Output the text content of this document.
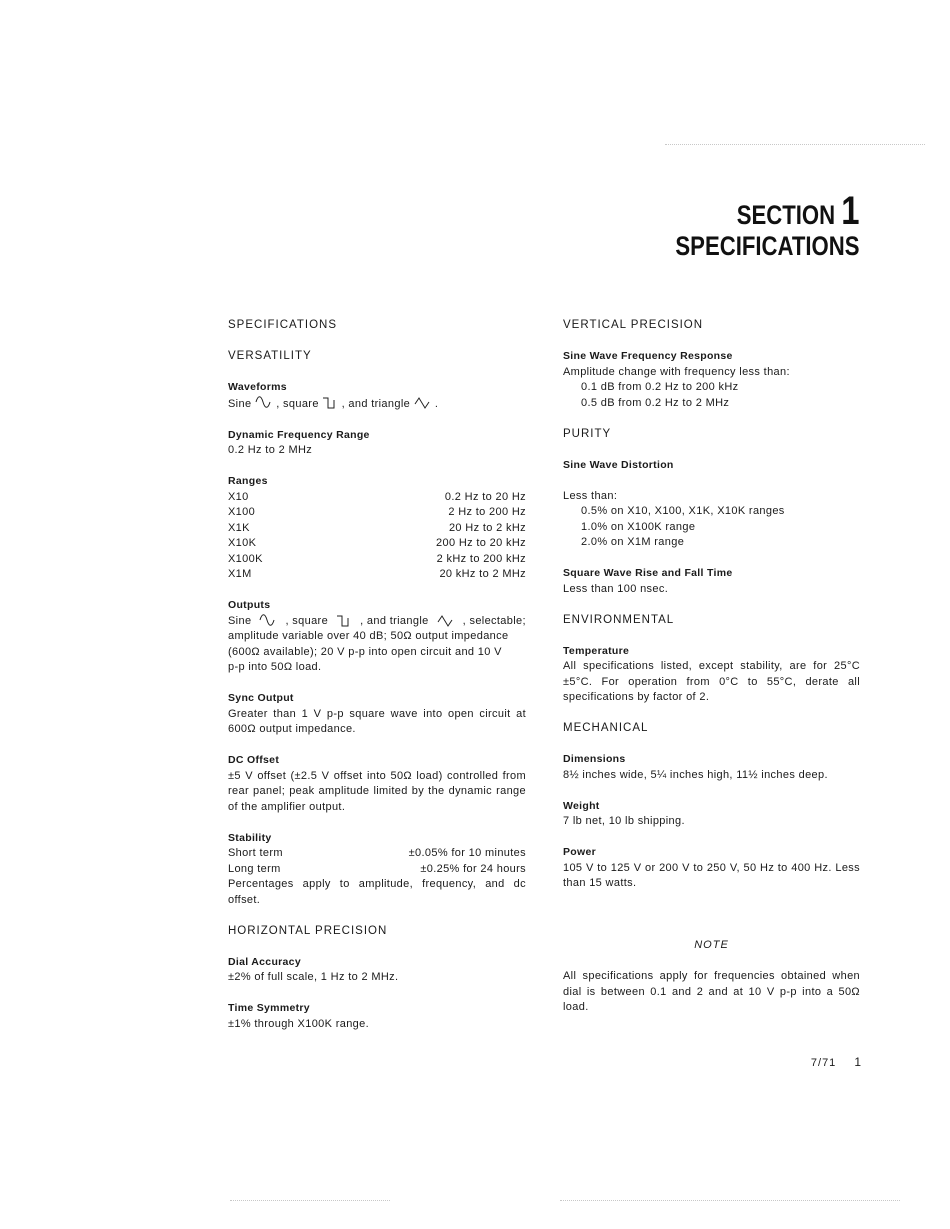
SECTION 1
SPECIFICATIONS
SPECIFICATIONS
VERSATILITY
Waveforms
Sine , square , and triangle .
Dynamic Frequency Range
0.2 Hz to 2 MHz
Ranges
X10	0.2 Hz to 20 Hz
X100	2 Hz to 200 Hz
X1K	20 Hz to 2 kHz
X10K	200 Hz to 20 kHz
X100K	2 kHz to 200 kHz
X1M	20 kHz to 2 MHz
Outputs
Sine	, square	, and triangle	, selectable;
amplitude variable over 40 dB; 50Ω output impedance
(600Ω available); 20 V p-p into open circuit and 10 V
p-p into 50Ω load.
Sync Output
Greater than 1 V p-p square wave into open circuit at 600Ω output impedance.
DC Offset
±5 V offset (±2.5 V offset into 50Ω load) controlled from rear panel; peak amplitude limited by the dynamic range of the amplifier output.
Stability
Short term	±0.05% for 10 minutes
Long term	±0.25% for 24 hours
Percentages apply to amplitude, frequency, and dc offset.
HORIZONTAL PRECISION
Dial Accuracy
±2% of full scale, 1 Hz to 2 MHz.
Time Symmetry
±1% through X100K range.
VERTICAL PRECISION
Sine Wave Frequency Response
Amplitude change with frequency less than:
0.1 dB from 0.2 Hz to 200 kHz
0.5 dB from 0.2 Hz to 2 MHz
PURITY
Sine Wave Distortion
Less than:
0.5% on X10, X100, X1K, X10K ranges
1.0% on X100K range
2.0% on X1M range
Square Wave Rise and Fall Time
Less than 100 nsec.
ENVIRONMENTAL
Temperature
All specifications listed, except stability, are for 25°C ±5°C. For operation from 0°C to 55°C, derate all specifications by factor of 2.
MECHANICAL
Dimensions
8½ inches wide, 5¼ inches high, 11½ inches deep.
Weight
7 lb net, 10 lb shipping.
Power
105 V to 125 V or 200 V to 250 V, 50 Hz to 400 Hz. Less than 15 watts.
NOTE
All specifications apply for frequencies obtained when dial is between 0.1 and 2 and at 10 V p-p into a 50Ω load.
7/71 1
